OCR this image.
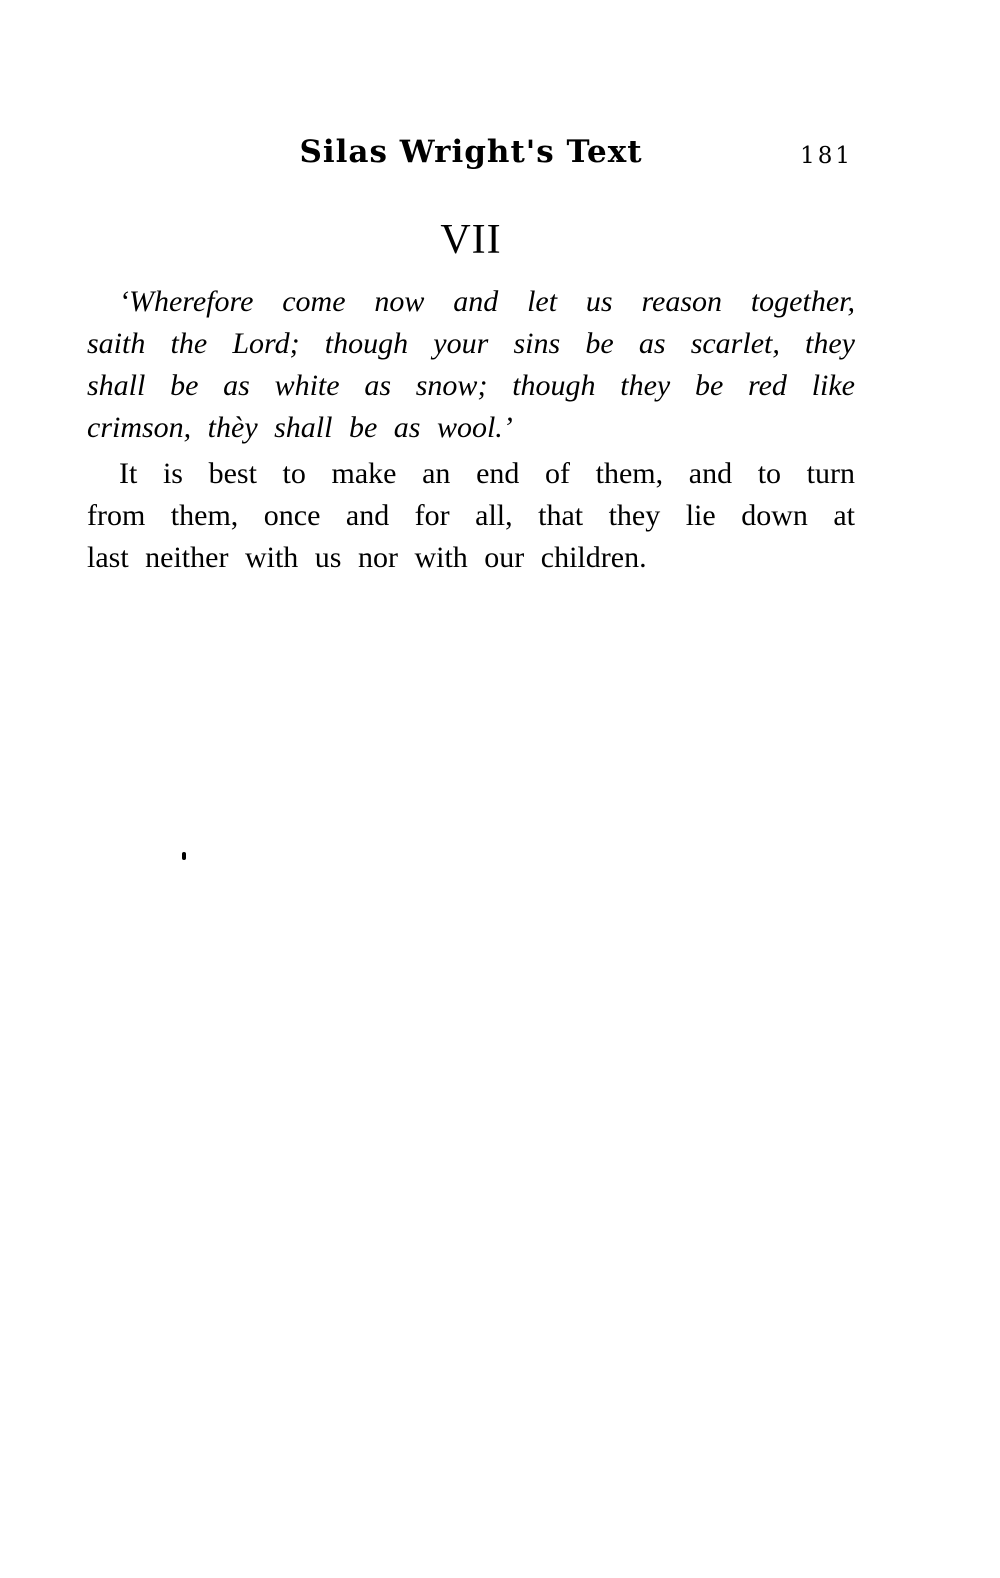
Silas Wright's Text	181
VII
‘Wherefore come now and let us reason together,
saith the Lord; though your sins be as scarlet, they
shall be as white as snow; though they be red like
crimson, thèy shall be as wool.’
It is best to make an end of them, and to turn
from them, once and for all, that they lie down at
last neither with us nor with our children.
